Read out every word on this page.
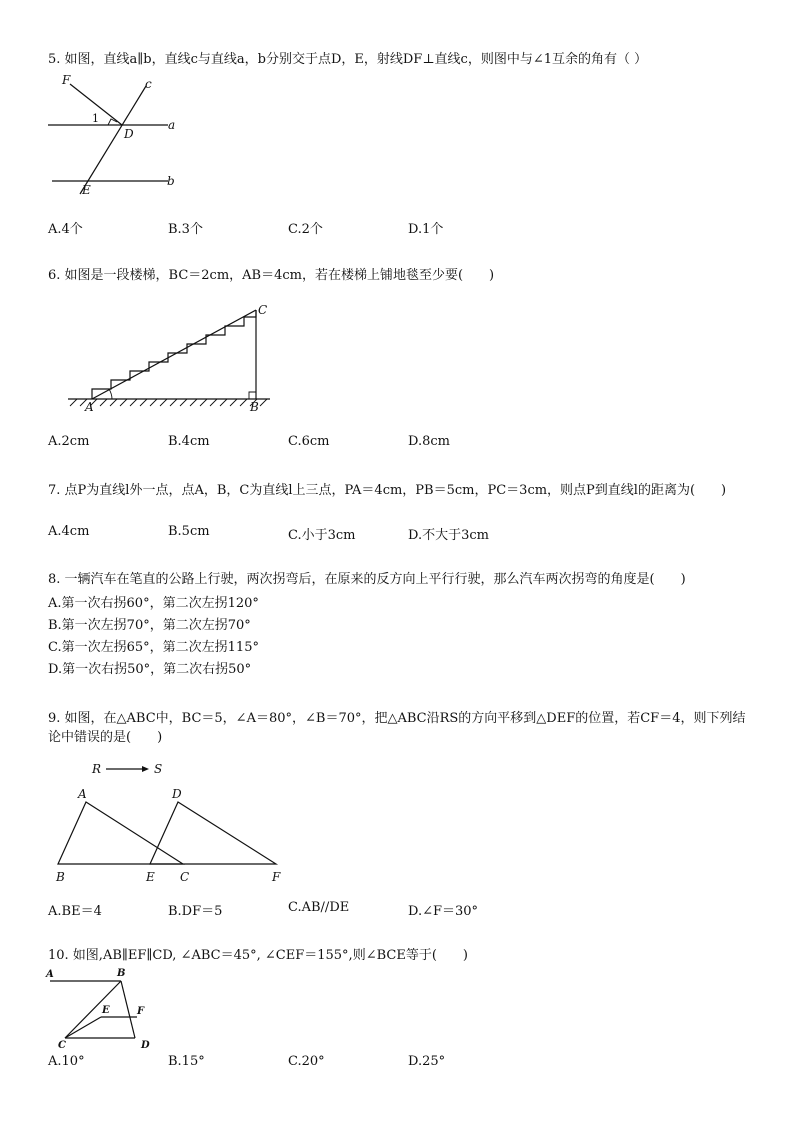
5. 如图，直线a∥b，直线c与直线a，b分别交于点D，E，射线DF⊥直线c，则图中与∠1互余的角有（ ）
F	c
1
D
a
E
b
A.4个	B.3个	C.2个	D.1个
6. 如图是一段楼梯，BC＝2cm，AB＝4cm，若在楼梯上铺地毯至少要(　　)
A	B
C
A.2cm	B.4cm	C.6cm	D.8cm
7. 点P为直线l外一点，点A，B，C为直线l上三点，PA＝4cm，PB＝5cm，PC＝3cm，则点P到直线l的距离为(　　)
A.4cm	B.5cm	C.小于3cm	D.不大于3cm
8. 一辆汽车在笔直的公路上行驶，两次拐弯后，在原来的反方向上平行行驶，那么汽车两次拐弯的角度是(　　)
A.第一次右拐60°，第二次左拐120°
B.第一次左拐70°，第二次左拐70°
C.第一次左拐65°，第二次左拐115°
D.第一次右拐50°，第二次右拐50°
9. 如图，在△ABC中，BC＝5，∠A＝80°，∠B＝70°，把△ABC沿RS的方向平移到△DEF的位置，若CF＝4，则下列结论中错误的是(　　)
R	S
A	D
B	E C	F
A.BE＝4	B.DF＝5	C.AB//DE	D.∠F＝30°
10. 如图,AB∥EF∥CD, ∠ABC＝45°, ∠CEF＝155°,则∠BCE等于(　　)
A	B
E	F
C	D
A.10°	B.15°	C.20°	D.25°
